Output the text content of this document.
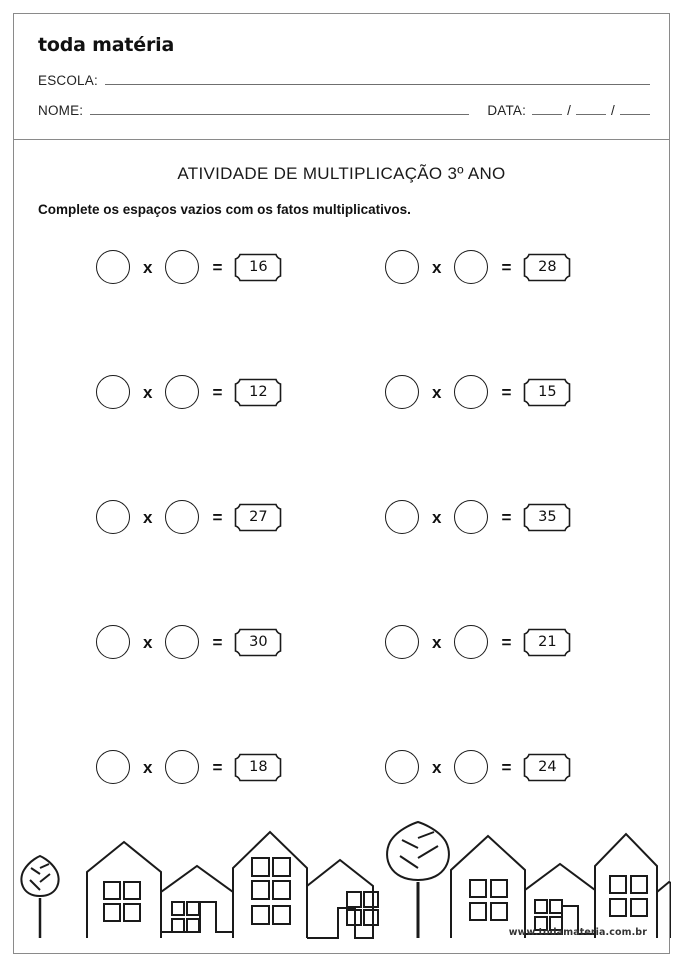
toda matéria
ESCOLA:
NOME:	DATA:	/	/
ATIVIDADE DE MULTIPLICAÇÃO 3º ANO
Complete os espaços vazios com os fatos multiplicativos.
x	=	16	x	=	28
x	=	12	x	=	15
x	=	27	x	=	35
x	=	30	x	=	21
x	=	18	x	=	24
www.todamateria.com.br
